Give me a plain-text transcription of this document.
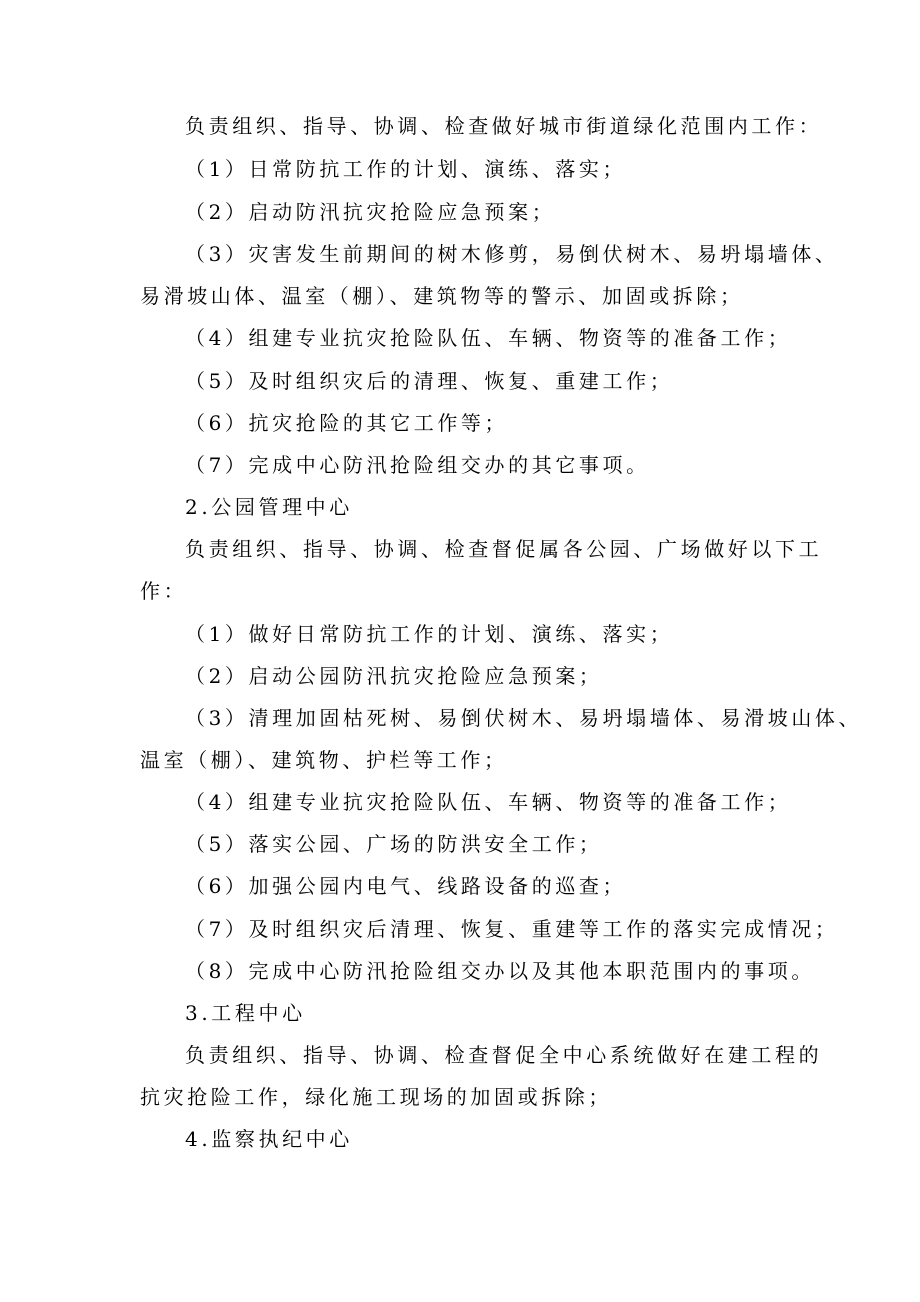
负责组织、指导、协调、检查做好城市街道绿化范围内工作：
（1）日常防抗工作的计划、演练、落实；
（2）启动防汛抗灾抢险应急预案；
（3）灾害发生前期间的树木修剪，易倒伏树木、易坍塌墙体、
易滑坡山体、温室（棚）、建筑物等的警示、加固或拆除；
（4）组建专业抗灾抢险队伍、车辆、物资等的准备工作；
（5）及时组织灾后的清理、恢复、重建工作；
（6）抗灾抢险的其它工作等；
（7）完成中心防汛抢险组交办的其它事项。
2.公园管理中心
负责组织、指导、协调、检查督促属各公园、广场做好以下工
作：
（1）做好日常防抗工作的计划、演练、落实；
（2）启动公园防汛抗灾抢险应急预案；
（3）清理加固枯死树、易倒伏树木、易坍塌墙体、易滑坡山体、
温室（棚）、建筑物、护栏等工作；
（4）组建专业抗灾抢险队伍、车辆、物资等的准备工作；
（5）落实公园、广场的防洪安全工作；
（6）加强公园内电气、线路设备的巡查；
（7）及时组织灾后清理、恢复、重建等工作的落实完成情况；
（8）完成中心防汛抢险组交办以及其他本职范围内的事项。
3.工程中心
负责组织、指导、协调、检查督促全中心系统做好在建工程的
抗灾抢险工作，绿化施工现场的加固或拆除；
4.监察执纪中心
